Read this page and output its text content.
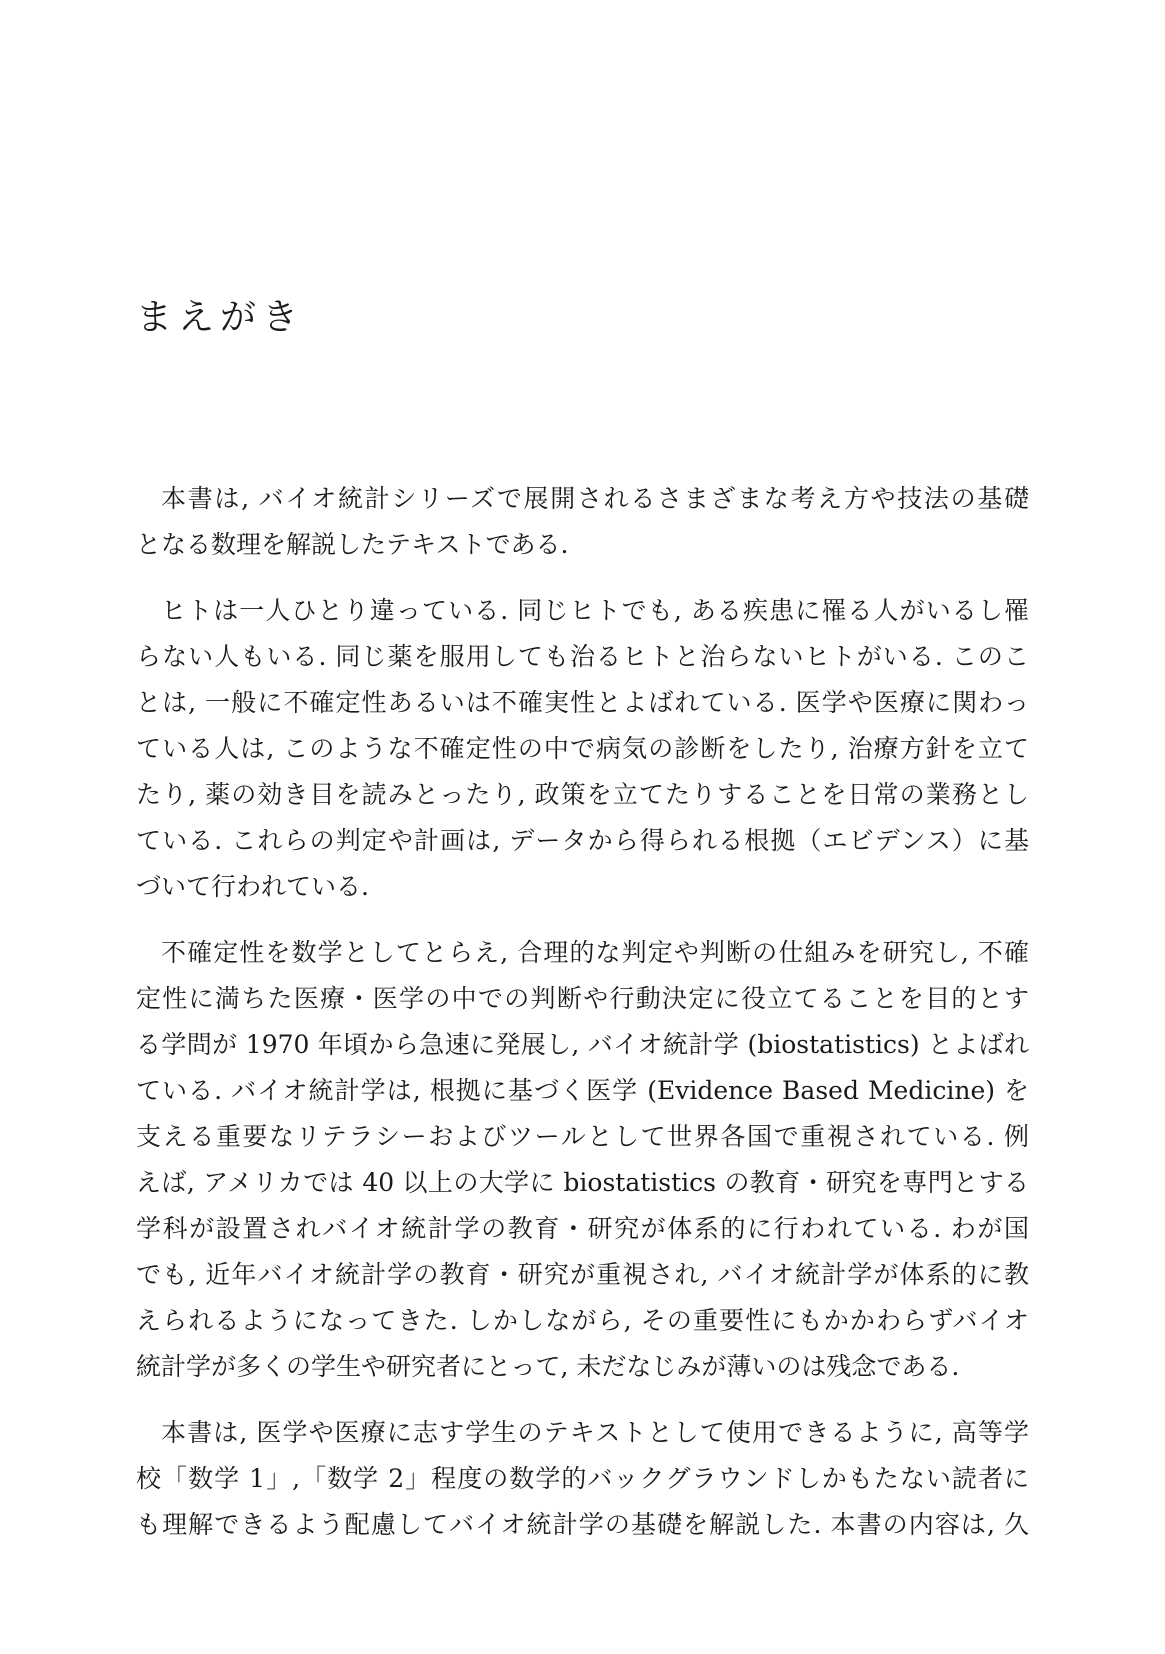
まえがき

本書は, バイオ統計シリーズで展開されるさまざまな考え方や技法の基礎
となる数理を解説したテキストである.

ヒトは一人ひとり違っている. 同じヒトでも, ある疾患に罹る人がいるし罹
らない人もいる. 同じ薬を服用しても治るヒトと治らないヒトがいる. このこ
とは, 一般に不確定性あるいは不確実性とよばれている. 医学や医療に関わっ
ている人は, このような不確定性の中で病気の診断をしたり, 治療方針を立て
たり, 薬の効き目を読みとったり, 政策を立てたりすることを日常の業務とし
ている. これらの判定や計画は, データから得られる根拠（エビデンス）に基
づいて行われている.

不確定性を数学としてとらえ, 合理的な判定や判断の仕組みを研究し, 不確
定性に満ちた医療・医学の中での判断や行動決定に役立てることを目的とす
る学問が 1970 年頃から急速に発展し, バイオ統計学 (biostatistics) とよばれ
ている. バイオ統計学は, 根拠に基づく医学 (Evidence Based Medicine) を
支える重要なリテラシーおよびツールとして世界各国で重視されている. 例
えば, アメリカでは 40 以上の大学に biostatistics の教育・研究を専門とする
学科が設置されバイオ統計学の教育・研究が体系的に行われている. わが国
でも, 近年バイオ統計学の教育・研究が重視され, バイオ統計学が体系的に教
えられるようになってきた. しかしながら, その重要性にもかかわらずバイオ
統計学が多くの学生や研究者にとって, 未だなじみが薄いのは残念である.

本書は, 医学や医療に志す学生のテキストとして使用できるように, 高等学
校「数学 1」,「数学 2」程度の数学的バックグラウンドしかもたない読者に
も理解できるよう配慮してバイオ統計学の基礎を解説した. 本書の内容は, 久
